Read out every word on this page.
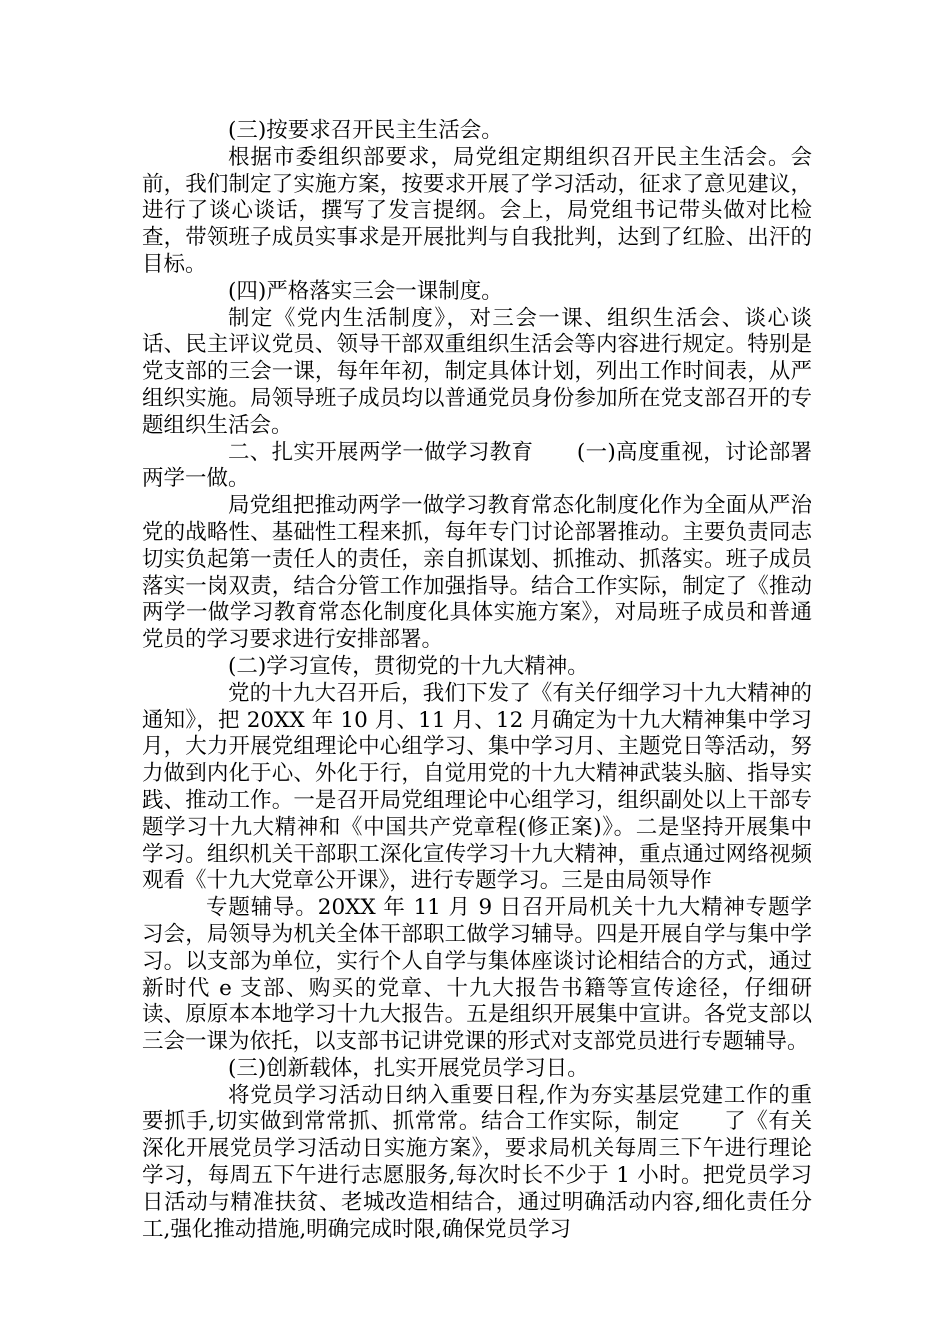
(三)按要求召开民主生活会。

根据市委组织部要求，局党组定期组织召开民主生活会。会前，我们制定了实施方案，按要求开展了学习活动，征求了意见建议，进行了谈心谈话，撰写了发言提纲。会上，局党组书记带头做对比检查，带领班子成员实事求是开展批判与自我批判，达到了红脸、出汗的目标。

(四)严格落实三会一课制度。

制定《党内生活制度》，对三会一课、组织生活会、谈心谈话、民主评议党员、领导干部双重组织生活会等内容进行规定。特别是党支部的三会一课，每年年初，制定具体计划，列出工作时间表，从严组织实施。局领导班子成员均以普通党员身份参加所在党支部召开的专题组织生活会。

二、扎实开展两学一做学习教育　　(一)高度重视，讨论部署两学一做。

局党组把推动两学一做学习教育常态化制度化作为全面从严治党的战略性、基础性工程来抓，每年专门讨论部署推动。主要负责同志切实负起第一责任人的责任，亲自抓谋划、抓推动、抓落实。班子成员落实一岗双责，结合分管工作加强指导。结合工作实际，制定了《推动两学一做学习教育常态化制度化具体实施方案》，对局班子成员和普通党员的学习要求进行安排部署。

(二)学习宣传，贯彻党的十九大精神。

党的十九大召开后，我们下发了《有关仔细学习十九大精神的通知》，把 20XX 年 10 月、11 月、12 月确定为十九大精神集中学习月，大力开展党组理论中心组学习、集中学习月、主题党日等活动，努力做到内化于心、外化于行，自觉用党的十九大精神武装头脑、指导实践、推动工作。一是召开局党组理论中心组学习，组织副处以上干部专题学习十九大精神和《中国共产党章程(修正案)》。二是坚持开展集中学习。组织机关干部职工深化宣传学习十九大精神，重点通过网络视频观看《十九大党章公开课》，进行专题学习。三是由局领导作

专题辅导。20XX 年 11 月 9 日召开局机关十九大精神专题学习会，局领导为机关全体干部职工做学习辅导。四是开展自学与集中学习。以支部为单位，实行个人自学与集体座谈讨论相结合的方式，通过新时代 e 支部、购买的党章、十九大报告书籍等宣传途径，仔细研读、原原本本地学习十九大报告。五是组织开展集中宣讲。各党支部以三会一课为依托，以支部书记讲党课的形式对支部党员进行专题辅导。

(三)创新载体，扎实开展党员学习日。

将党员学习活动日纳入重要日程,作为夯实基层党建工作的重要抓手,切实做到常常抓、抓常常。结合工作实际，制定　　了《有关深化开展党员学习活动日实施方案》，要求局机关每周三下午进行理论学习，每周五下午进行志愿服务,每次时长不少于 1 小时。把党员学习日活动与精准扶贫、老城改造相结合，通过明确活动内容,细化责任分工,强化推动措施,明确完成时限,确保党员学习
